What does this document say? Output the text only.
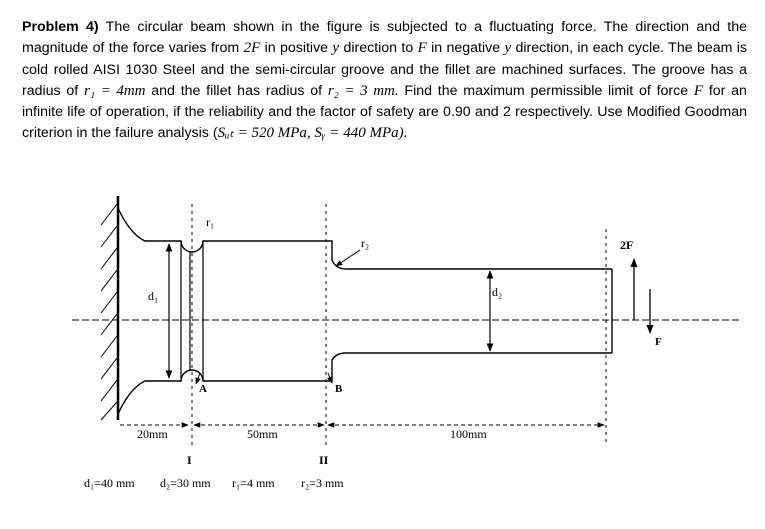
Problem 4) The circular beam shown in the figure is subjected to a fluctuating force. The direction and the magnitude of the force varies from 2F in positive y direction to F in negative y direction, in each cycle. The beam is cold rolled AISI 1030 Steel and the semi-circular groove and the fillet are machined surfaces. The groove has a radius of r₁ = 4mm and the fillet has radius of r₂ = 3 mm. Find the maximum permissible limit of force F for an infinite life of operation, if the reliability and the factor of safety are 0.90 and 2 respectively. Use Modified Goodman criterion in the failure analysis (Sᵤₜ = 520 MPa, Sᵧ = 440 MPa).

r₁
r₂
d₁	d₂
2F
F
A	B
20mm	50mm	100mm
I	II
d₁=40 mm d₂=30 mm r₁=4 mm r₂=3 mm
